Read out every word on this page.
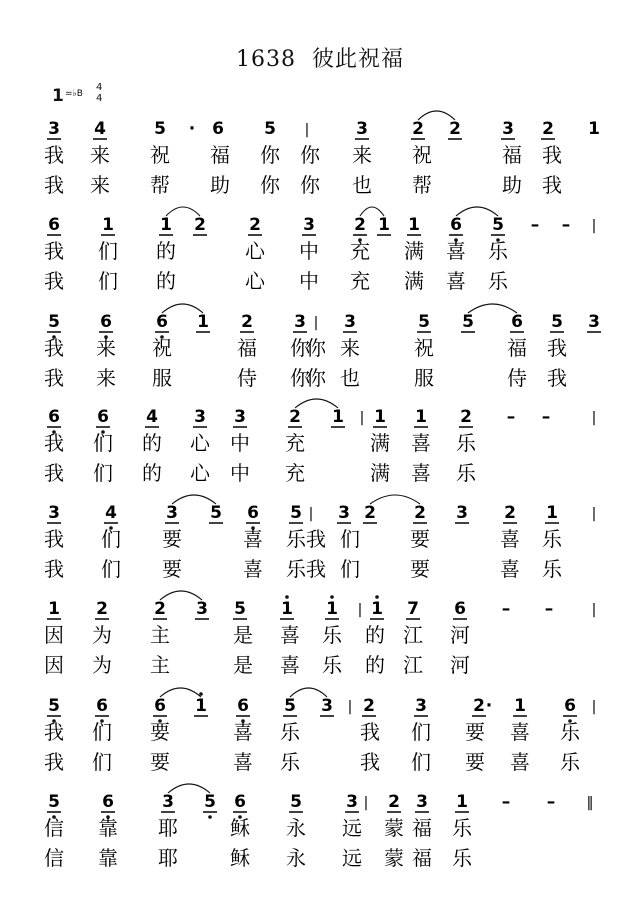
1638 彼此祝福
1 =♭B
4
4
3 4	5 · 6 5 |	3	2 2 3 2 1
我 来 祝 福 你 你 来 祝	福 我
我 来 帮 助 你 你 也 帮	助 我
6 1	1 2	2 3 2 1 1 6 5 – – |
我 们 的	心 中 充 满 喜 乐
我 们 的	心 中 充 满 喜 乐
5 6	6 1 2 3 | 3	5 5 6 5 3
我 来 祝	福 你
你 来	祝	福 我
我 来 服	侍 你
你 也	服	侍 我
6 6 4 3 3	2 1 | 1 1 2 – –	|
我 们 的 心 中 充	满 喜 乐
我 们 的 心 中 充	满 喜 乐
3	4	3 5 6 5 | 3 2 2 3 2 1 |
我 们 要	喜 乐 我 们	要	喜 乐
我 们 要	喜 乐 我 们	要	喜 乐
1 2	2 3 5 1 1 | 1 7 6 – –	|
因 为 主	是 喜 乐 的 江 河
因 为 主	是 喜 乐 的 江 河
5 6	6 1 6 5 3 | 2 3	2 · 1 6 |
我 们 要	喜 乐	我 们 要 喜 乐
我 们 要	喜 乐	我 们 要 喜 乐
5 6	3 5 6	5	3 | 2 3 1 – – ‖
信 靠 耶	稣 永 远 蒙 福 乐
信 靠 耶	稣 永 远 蒙 福 乐
